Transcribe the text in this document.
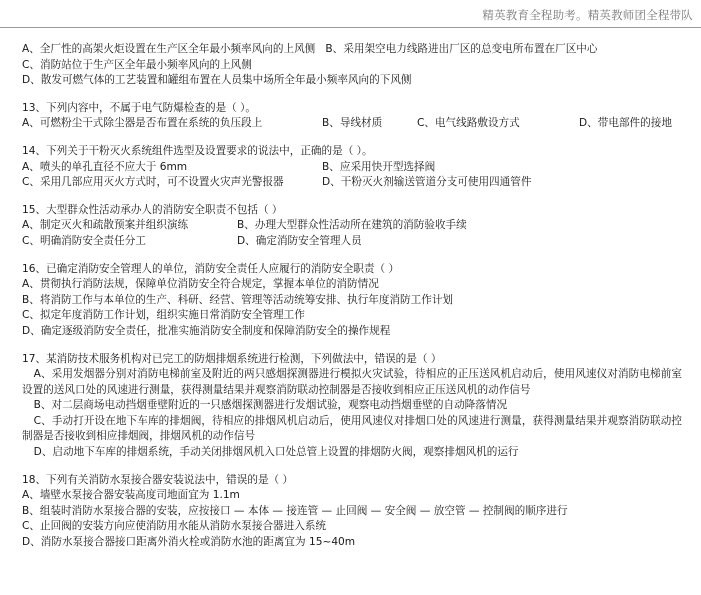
精英教育全程助考。精英教师团全程带队
A、全厂性的高架火炬设置在生产区全年最小频率风向的上风侧 B、采用架空电力线路进出厂区的总变电所布置在厂区中心
C、消防站位于生产区全年最小频率风向的上风侧
D、散发可燃气体的工艺装置和罐组布置在人员集中场所全年最小频率风向的下风侧
13、下列内容中，不属于电气防爆检查的是（ ）。
A、可燃粉尘干式除尘器是否布置在系统的负压段上	B、导线材质	C、电气线路敷设方式	D、带电部件的接地
14、下列关于干粉灭火系统组件选型及设置要求的说法中，正确的是（ ）。
A、喷头的单孔直径不应大于 6mm	B、应采用快开型选择阀
C、采用几部应用灭火方式时，可不设置火灾声光警报器	D、干粉灭火剂输送管道分支可使用四通管件
15、大型群众性活动承办人的消防安全职责不包括（ ）
A、制定灭火和疏散预案并组织演练	B、办理大型群众性活动所在建筑的消防验收手续
C、明确消防安全责任分工	D、确定消防安全管理人员
16、已确定消防安全管理人的单位，消防安全责任人应履行的消防安全职责（ ）
A、贯彻执行消防法规，保障单位消防安全符合规定，掌握本单位的消防情况
B、将消防工作与本单位的生产、科研、经营、管理等活动统筹安排、执行年度消防工作计划
C、拟定年度消防工作计划，组织实施日常消防安全管理工作
D、确定逐级消防安全责任，批准实施消防安全制度和保障消防安全的操作规程
17、某消防技术服务机构对已完工的防烟排烟系统进行检测，下列做法中，错误的是（ ）
A、采用发烟器分别对消防电梯前室及附近的两只感烟探测器进行模拟火灾试验，待相应的正压送风机启动后，使用风速仪对消防电梯前室设置的送风口处的风速进行测量，获得测量结果并观察消防联动控制器是否接收到相应正压送风机的动作信号
B、对二层商场电动挡烟垂壁附近的一只感烟探测器进行发烟试验，观察电动挡烟垂壁的自动降落情况
C、手动打开设在地下车库的排烟阀，待相应的排烟风机启动后，使用风速仪对排烟口处的风速进行测量，获得测量结果并观察消防联动控制器是否接收到相应排烟阀，排烟风机的动作信号
D、启动地下车库的排烟系统，手动关闭排烟风机入口处总管上设置的排烟防火阀，观察排烟风机的运行
18、下列有关消防水泵接合器安装说法中，错误的是（ ）
A、墙壁水泵接合器安装高度司地面宜为 1.1m
B、组装时消防水泵接合器的安装，应按接口 — 本体 — 接连管 — 止回阀 — 安全阀 — 放空管 — 控制阀的顺序进行
C、止回阀的安装方向应使消防用水能从消防水泵接合器进入系统
D、消防水泵接合器接口距离外消火栓或消防水池的距离宜为 15~40m
